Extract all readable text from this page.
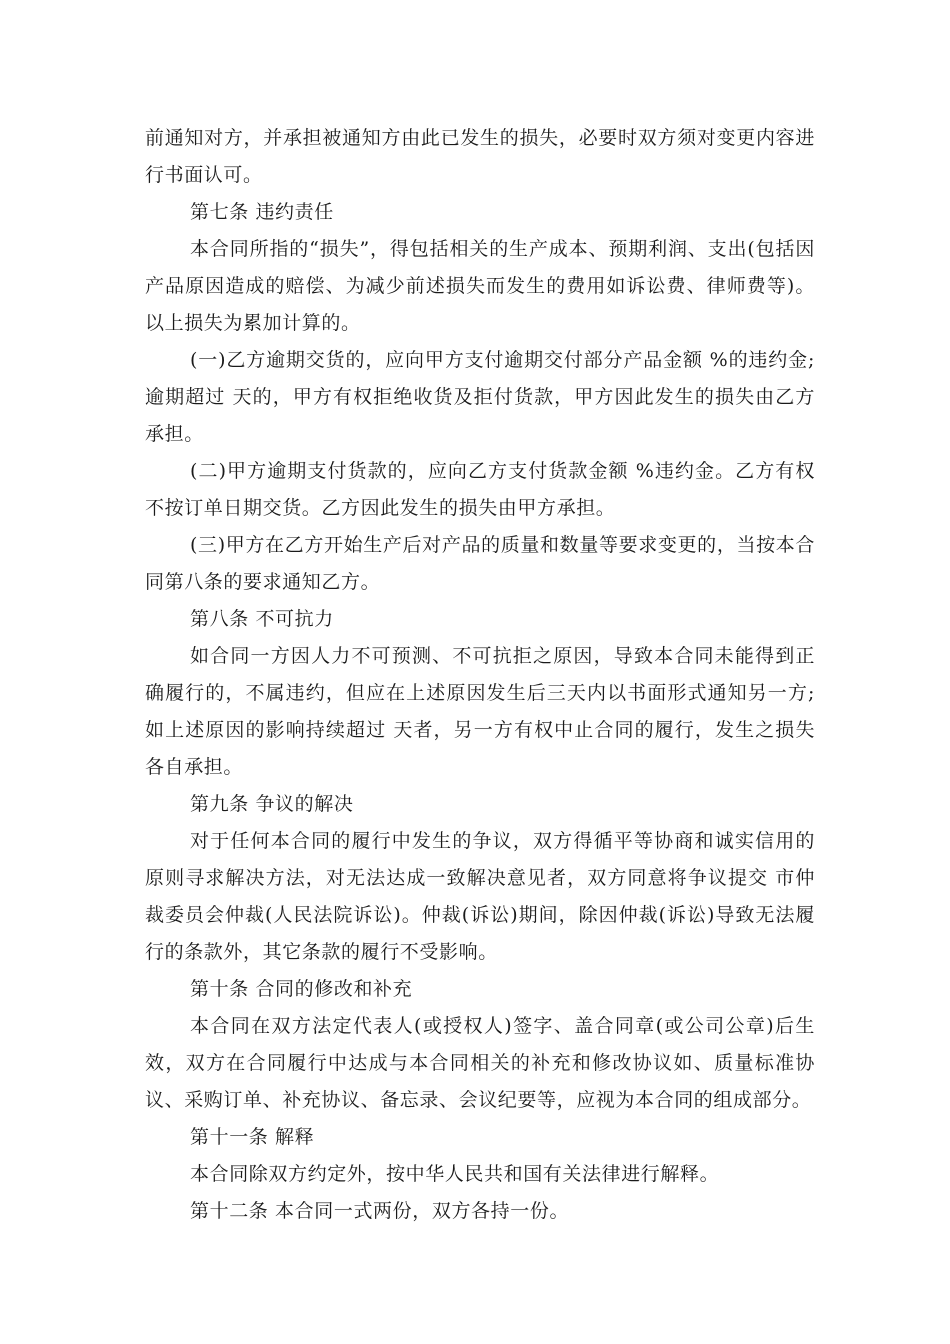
前通知对方，并承担被通知方由此已发生的损失，必要时双方须对变更内容进行书面认可。

第七条 违约责任

本合同所指的“损失”，得包括相关的生产成本、预期利润、支出(包括因产品原因造成的赔偿、为减少前述损失而发生的费用如诉讼费、律师费等)。以上损失为累加计算的。

(一)乙方逾期交货的，应向甲方支付逾期交付部分产品金额 %的违约金;逾期超过 天的，甲方有权拒绝收货及拒付货款，甲方因此发生的损失由乙方承担。

(二)甲方逾期支付货款的，应向乙方支付货款金额 %违约金。乙方有权不按订单日期交货。乙方因此发生的损失由甲方承担。

(三)甲方在乙方开始生产后对产品的质量和数量等要求变更的，当按本合同第八条的要求通知乙方。

第八条 不可抗力

如合同一方因人力不可预测、不可抗拒之原因，导致本合同未能得到正确履行的，不属违约，但应在上述原因发生后三天内以书面形式通知另一方;如上述原因的影响持续超过 天者，另一方有权中止合同的履行，发生之损失各自承担。

第九条 争议的解决

对于任何本合同的履行中发生的争议，双方得循平等协商和诚实信用的原则寻求解决方法，对无法达成一致解决意见者，双方同意将争议提交 市仲裁委员会仲裁(人民法院诉讼)。仲裁(诉讼)期间，除因仲裁(诉讼)导致无法履行的条款外，其它条款的履行不受影响。

第十条 合同的修改和补充

本合同在双方法定代表人(或授权人)签字、盖合同章(或公司公章)后生效，双方在合同履行中达成与本合同相关的补充和修改协议如、质量标准协议、采购订单、补充协议、备忘录、会议纪要等，应视为本合同的组成部分。

第十一条 解释

本合同除双方约定外，按中华人民共和国有关法律进行解释。

第十二条 本合同一式两份，双方各持一份。
